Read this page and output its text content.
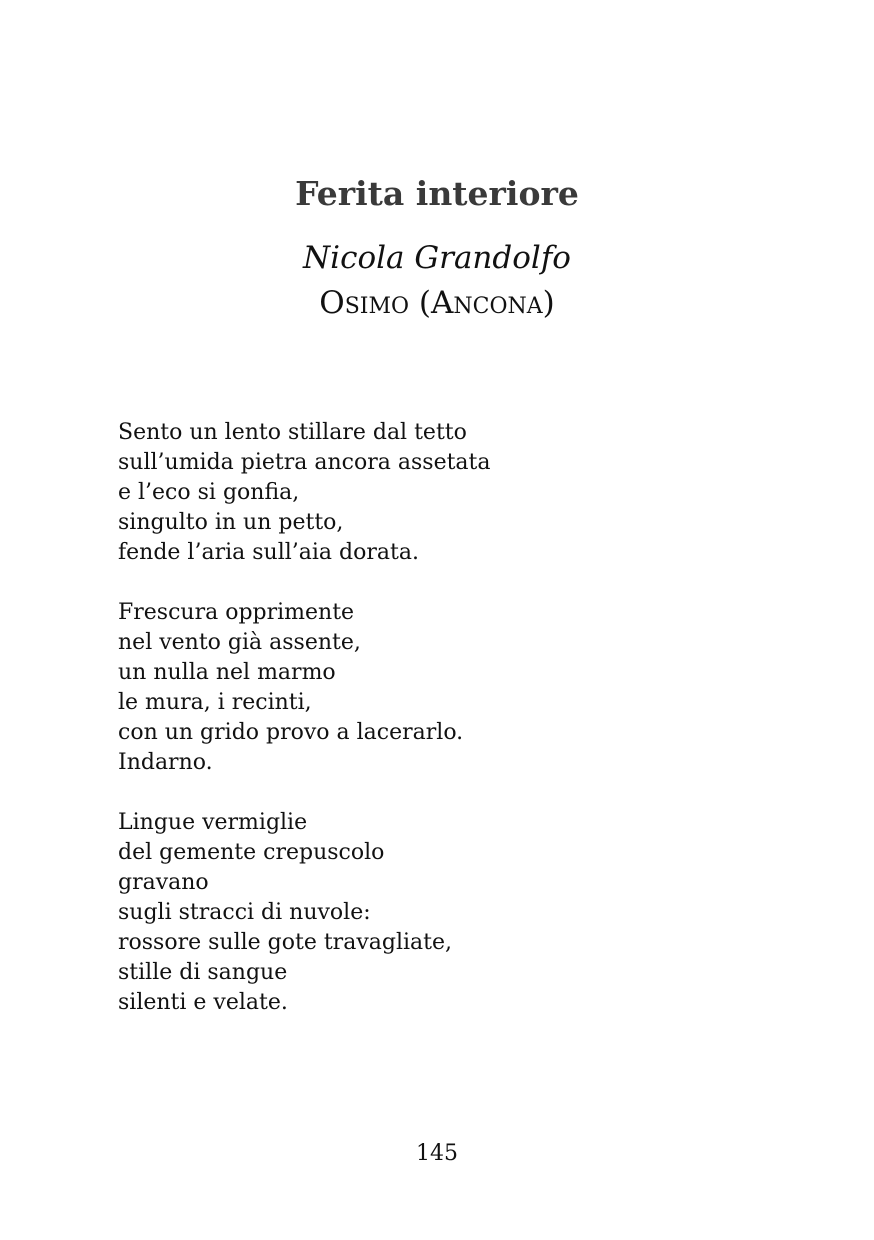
Ferita interiore
Nicola Grandolfo
Osimo (Ancona)
Sento un lento stillare dal tetto
sull’umida pietra ancora assetata
e l’eco si gonfia,
singulto in un petto,
fende l’aria sull’aia dorata.
Frescura opprimente
nel vento già assente,
un nulla nel marmo
le mura, i recinti,
con un grido provo a lacerarlo.
Indarno.
Lingue vermiglie
del gemente crepuscolo
gravano
sugli stracci di nuvole:
rossore sulle gote travagliate,
stille di sangue
silenti e velate.
145
